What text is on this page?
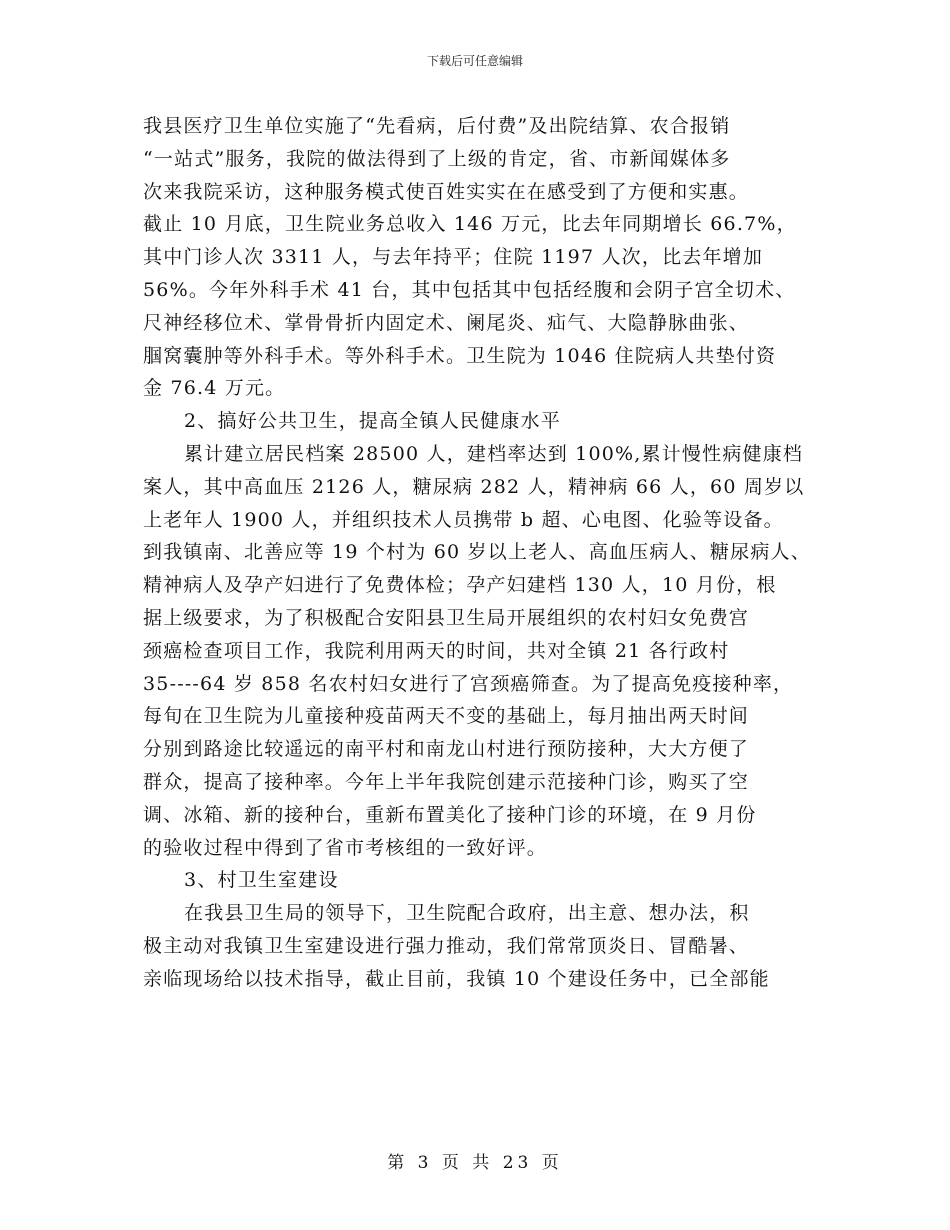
下载后可任意编辑
我县医疗卫生单位实施了“先看病，后付费”及出院结算、农合报销
“一站式”服务，我院的做法得到了上级的肯定，省、市新闻媒体多
次来我院采访，这种服务模式使百姓实实在在感受到了方便和实惠。
截止 10 月底，卫生院业务总收入 146 万元，比去年同期增长 66.7%，
其中门诊人次 3311 人，与去年持平；住院 1197 人次，比去年增加
56%。今年外科手术 41 台，其中包括其中包括经腹和会阴子宫全切术、
尺神经移位术、掌骨骨折内固定术、阑尾炎、疝气、大隐静脉曲张、
腘窝囊肿等外科手术。等外科手术。卫生院为 1046 住院病人共垫付资
金 76.4 万元。
2、搞好公共卫生，提高全镇人民健康水平
累计建立居民档案 28500 人，建档率达到 100%,累计慢性病健康档
案人，其中高血压 2126 人，糖尿病 282 人，精神病 66 人，60 周岁以
上老年人 1900 人，并组织技术人员携带 b 超、心电图、化验等设备。
到我镇南、北善应等 19 个村为 60 岁以上老人、高血压病人、糖尿病人、
精神病人及孕产妇进行了免费体检；孕产妇建档 130 人，10 月份，根
据上级要求，为了积极配合安阳县卫生局开展组织的农村妇女免费宫
颈癌检查项目工作，我院利用两天的时间，共对全镇 21 各行政村
35----64 岁 858 名农村妇女进行了宫颈癌筛查。为了提高免疫接种率，
每旬在卫生院为儿童接种疫苗两天不变的基础上，每月抽出两天时间
分别到路途比较遥远的南平村和南龙山村进行预防接种，大大方便了
群众，提高了接种率。今年上半年我院创建示范接种门诊，购买了空
调、冰箱、新的接种台，重新布置美化了接种门诊的环境，在 9 月份
的验收过程中得到了省市考核组的一致好评。
3、村卫生室建设
在我县卫生局的领导下，卫生院配合政府，出主意、想办法，积
极主动对我镇卫生室建设进行强力推动，我们常常顶炎日、冒酷暑、
亲临现场给以技术指导，截止目前，我镇 10 个建设任务中，已全部能
第 3 页 共 23 页
